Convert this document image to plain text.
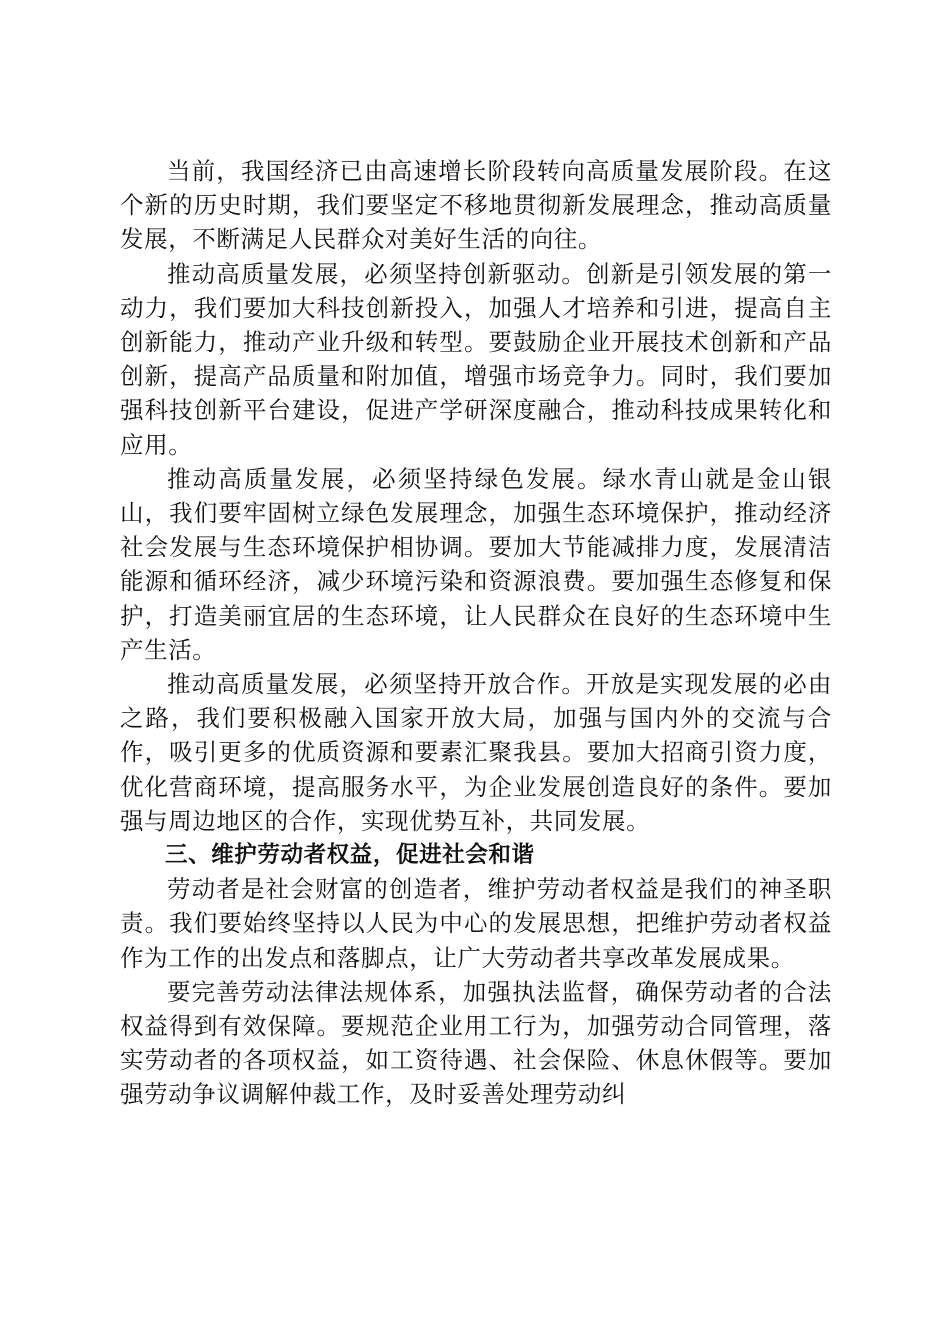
当前，我国经济已由高速增长阶段转向高质量发展阶段。在这个新的历史时期，我们要坚定不移地贯彻新发展理念，推动高质量发展，不断满足人民群众对美好生活的向往。

推动高质量发展，必须坚持创新驱动。创新是引领发展的第一动力，我们要加大科技创新投入，加强人才培养和引进，提高自主创新能力，推动产业升级和转型。要鼓励企业开展技术创新和产品创新，提高产品质量和附加值，增强市场竞争力。同时，我们要加强科技创新平台建设，促进产学研深度融合，推动科技成果转化和应用。

推动高质量发展，必须坚持绿色发展。绿水青山就是金山银山，我们要牢固树立绿色发展理念，加强生态环境保护，推动经济社会发展与生态环境保护相协调。要加大节能减排力度，发展清洁能源和循环经济，减少环境污染和资源浪费。要加强生态修复和保护，打造美丽宜居的生态环境，让人民群众在良好的生态环境中生产生活。

推动高质量发展，必须坚持开放合作。开放是实现发展的必由之路，我们要积极融入国家开放大局，加强与国内外的交流与合作，吸引更多的优质资源和要素汇聚我县。要加大招商引资力度，优化营商环境，提高服务水平，为企业发展创造良好的条件。要加强与周边地区的合作，实现优势互补，共同发展。

三、维护劳动者权益，促进社会和谐

劳动者是社会财富的创造者，维护劳动者权益是我们的神圣职责。我们要始终坚持以人民为中心的发展思想，把维护劳动者权益作为工作的出发点和落脚点，让广大劳动者共享改革发展成果。

要完善劳动法律法规体系，加强执法监督，确保劳动者的合法权益得到有效保障。要规范企业用工行为，加强劳动合同管理，落实劳动者的各项权益，如工资待遇、社会保险、休息休假等。要加强劳动争议调解仲裁工作，及时妥善处理劳动纠
